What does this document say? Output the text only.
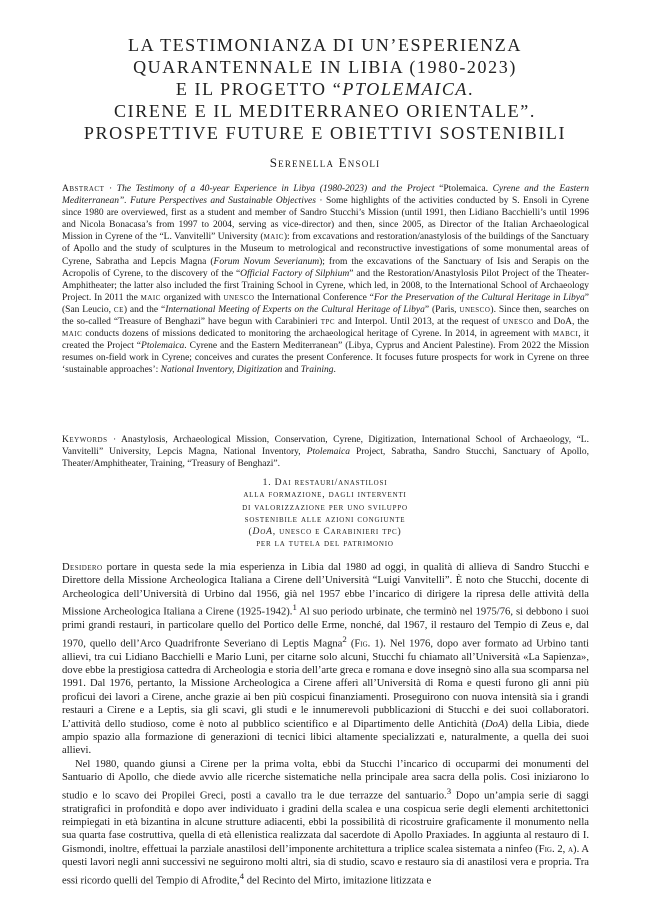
LA TESTIMONIANZA DI UN’ESPERIENZA
QUARANTENNALE IN LIBIA (1980-2023)
E IL PROGETTO “PTOLEMAICA.
CIRENE E IL MEDITERRANEO ORIENTALE”.
PROSPETTIVE FUTURE E OBIETTIVI SOSTENIBILI
Serenella Ensoli
Abstract · The Testimony of a 40-year Experience in Libya (1980-2023) and the Project “Ptolemaica. Cyrene and the Eastern Mediterranean”. Future Perspectives and Sustainable Objectives · Some highlights of the activities conducted by S. Ensoli in Cyrene since 1980 are overviewed, first as a student and member of Sandro Stucchi’s Mission (until 1991, then Lidiano Bacchielli’s until 1996 and Nicola Bonacasa’s from 1997 to 2004, serving as vice-director) and then, since 2005, as Director of the Italian Archaeological Mission in Cyrene of the “L. Vanvitelli” University (maic): from excavations and restoration/anastylosis of the buildings of the Sanctuary of Apollo and the study of sculptures in the Museum to metrological and reconstructive investigations of some monumental areas of Cyrene, Sabratha and Lepcis Magna (Forum Novum Severianum); from the excavations of the Sanctuary of Isis and Serapis on the Acropolis of Cyrene, to the discovery of the “Official Factory of Silphium” and the Restoration/Anastylosis Pilot Project of the Theater-Amphitheater; the latter also included the first Training School in Cyrene, which led, in 2008, to the International School of Archaeology Project. In 2011 the maic organized with unesco the International Conference “For the Preservation of the Cultural Heritage in Libya” (San Leucio, ce) and the “International Meeting of Experts on the Cultural Heritage of Libya” (Paris, unesco). Since then, searches on the so-called “Treasure of Benghazi” have begun with Carabinieri tpc and Interpol. Until 2013, at the request of unesco and DoA, the maic conducts dozens of missions dedicated to monitoring the archaeological heritage of Cyrene. In 2014, in agreement with mabci, it created the Project “Ptolemaica. Cyrene and the Eastern Mediterranean” (Libya, Cyprus and Ancient Palestine). From 2022 the Mission resumes on-field work in Cyrene; conceives and curates the present Conference. It focuses future prospects for work in Cyrene on three ‘sustainable approaches’: National Inventory, Digitization and Training.
Keywords · Anastylosis, Archaeological Mission, Conservation, Cyrene, Digitization, International School of Archaeology, “L. Vanvitelli” University, Lepcis Magna, National Inventory, Ptolemaica Project, Sabratha, Sandro Stucchi, Sanctuary of Apollo, Theater/Amphitheater, Training, “Treasury of Benghazi”.
1. Dai restauri/anastilosi
alla formazione, dagli interventi
di valorizzazione per uno sviluppo
sostenibile alle azioni congiunte
(DoA, unesco e Carabinieri tpc)
per la tutela del patrimonio

Desidero portare in questa sede la mia esperienza in Libia dal 1980 ad oggi, in qualità di allieva di Sandro Stucchi e Direttore della Missione Archeologica Italiana a Cirene dell’Università “Luigi Vanvitelli”. È noto che Stucchi, docente di Archeologica dell’Università di Urbino dal 1956, già nel 1957 ebbe l’incarico di dirigere la ripresa delle attività della Missione Archeologica Italiana a Cirene (1925-1942).$^1$ Al suo periodo urbinate, che terminò nel 1975/76, si debbono i suoi primi grandi restauri, in particolare quello del Portico delle Erme, nonché, dal 1967, il restauro del Tempio di Zeus e, dal 1970, quello dell’Arco Quadrifronte Severiano di Leptis Magna$^2$ (Fig. 1). Nel 1976, dopo aver formato ad Urbino tanti allievi, tra cui Lidiano Bacchielli e Mario Luni, per citarne solo alcuni, Stucchi fu chiamato all’Università «La Sapienza», dove ebbe la prestigiosa cattedra di Archeologia e storia dell’arte greca e romana e dove insegnò sino alla sua scomparsa nel 1991. Dal 1976, pertanto, la Missione Archeologica a Cirene afferì all’Università di Roma e questi furono gli anni più proficui dei lavori a Cirene, anche grazie ai ben più cospicui finanziamenti. Proseguirono con nuova intensità sia i grandi restauri a Cirene e a Leptis, sia gli scavi, gli studi e le innumerevoli pubblicazioni di Stucchi e dei suoi collaboratori. L’attività dello studioso, come è noto al pubblico scientifico e al Dipartimento delle Antichità (DoA) della Libia, diede ampio spazio alla formazione di generazioni di tecnici libici altamente specializzati e, naturalmente, a quella dei suoi allievi.

Nel 1980, quando giunsi a Cirene per la prima volta, ebbi da Stucchi l’incarico di occuparmi dei monumenti del Santuario di Apollo, che diede avvio alle ricerche sistematiche nella principale area sacra della polis. Così iniziarono lo studio e lo scavo dei Propilei Greci, posti a cavallo tra le due terrazze del santuario.$^3$ Dopo un’ampia serie di saggi stratigrafici in profondità e dopo aver individuato i gradini della scalea e una cospicua serie degli elementi architettonici reimpiegati in età bizantina in alcune strutture adiacenti, ebbi la possibilità di ricostruire graficamente il monumento nella sua quarta fase costruttiva, quella di età ellenistica realizzata dal sacerdote di Apollo Praxiades. In aggiunta al restauro di I. Gismondi, inoltre, effettuai la parziale anastilosi dell’imponente architettura a triplice scalea sistemata a ninfeo (Fig. 2, a). A questi lavori negli anni successivi ne seguirono molti altri, sia di studio, scavo e restauro sia di anastilosi vera e propria. Tra essi ricordo quelli del Tempio di Afrodite,$^4$ del Recinto del Mirto, imitazione litizzata e
